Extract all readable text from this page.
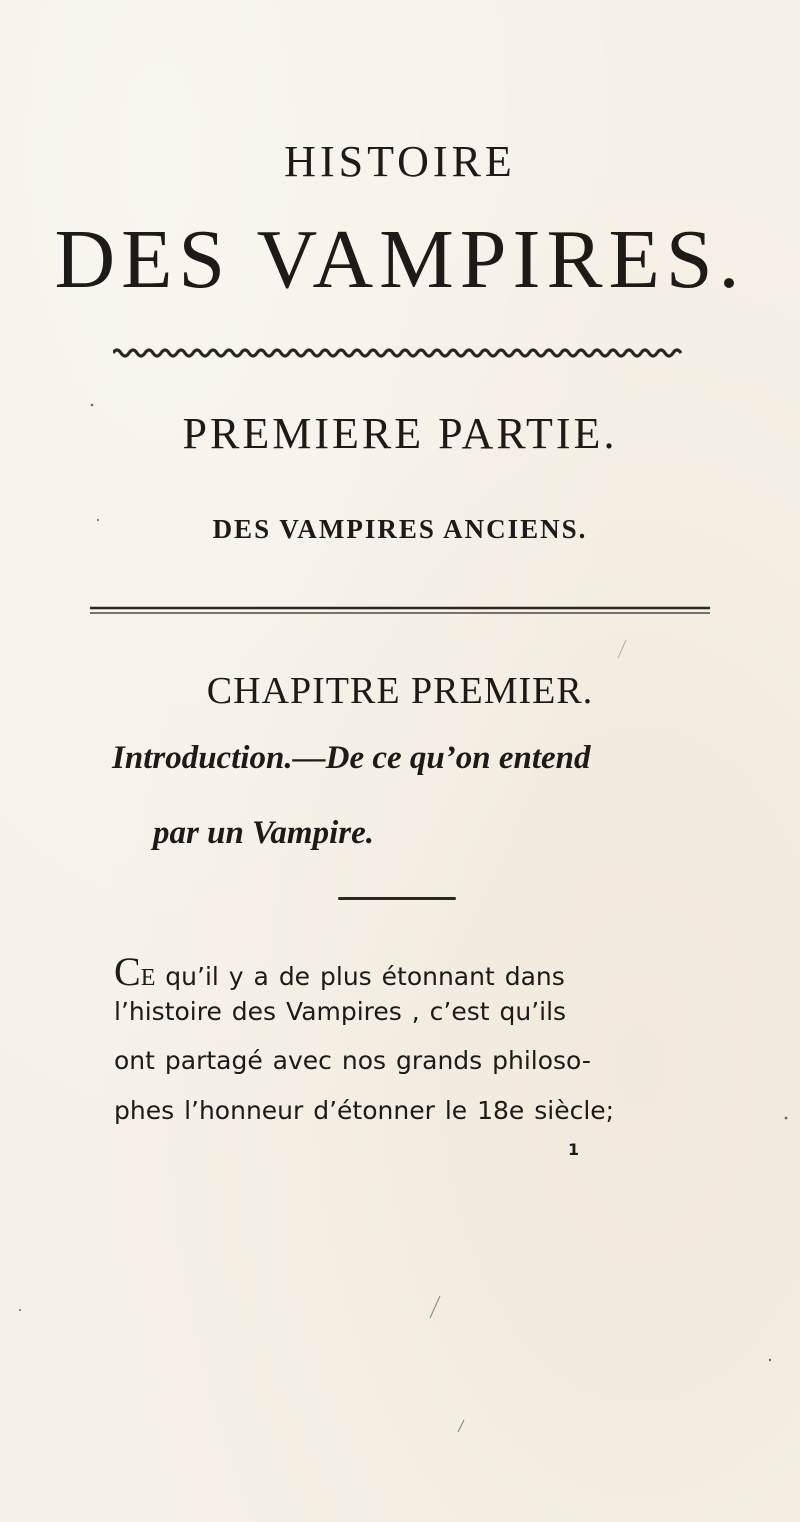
HISTOIRE
DES VAMPIRES.
PREMIERE PARTIE.
DES VAMPIRES ANCIENS.
CHAPITRE PREMIER.
Introduction.—De ce qu’on entend
par un Vampire.
CE qu’il y a de plus étonnant dans
l’histoire des Vampires , c’est qu’ils
ont partagé avec nos grands philoso-
phes l’honneur d’étonner le 18e siècle;
1
